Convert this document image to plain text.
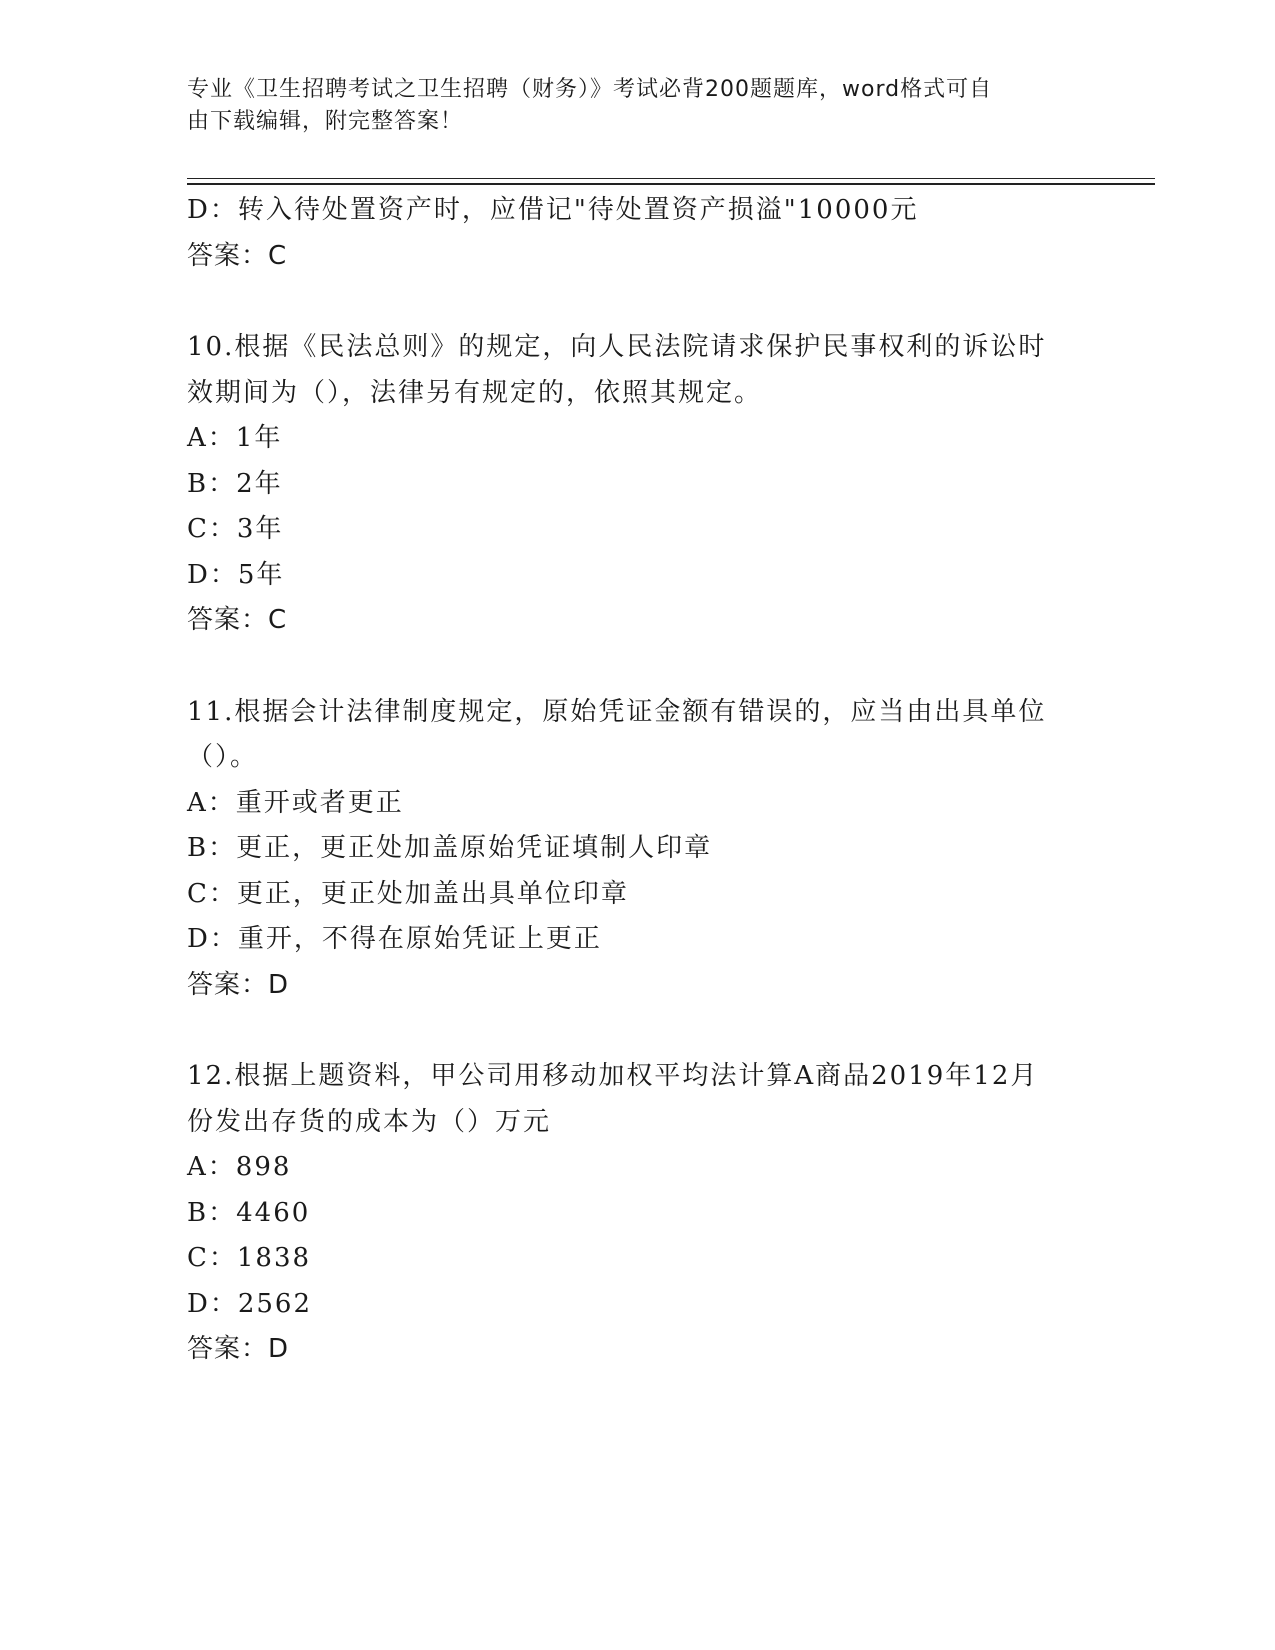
专业《卫生招聘考试之卫生招聘（财务）》考试必背200题题库，word格式可自
由下载编辑，附完整答案！
D：转入待处置资产时，应借记"待处置资产损溢"10000元
答案：C
10.根据《民法总则》的规定，向人民法院请求保护民事权利的诉讼时
效期间为（），法律另有规定的，依照其规定。
A：1年
B：2年
C：3年
D：5年
答案：C
11.根据会计法律制度规定，原始凭证金额有错误的，应当由出具单位
（）。
A：重开或者更正
B：更正，更正处加盖原始凭证填制人印章
C：更正，更正处加盖出具单位印章
D：重开，不得在原始凭证上更正
答案：D
12.根据上题资料，甲公司用移动加权平均法计算A商品2019年12月
份发出存货的成本为（）万元
A：898
B：4460
C：1838
D：2562
答案：D
